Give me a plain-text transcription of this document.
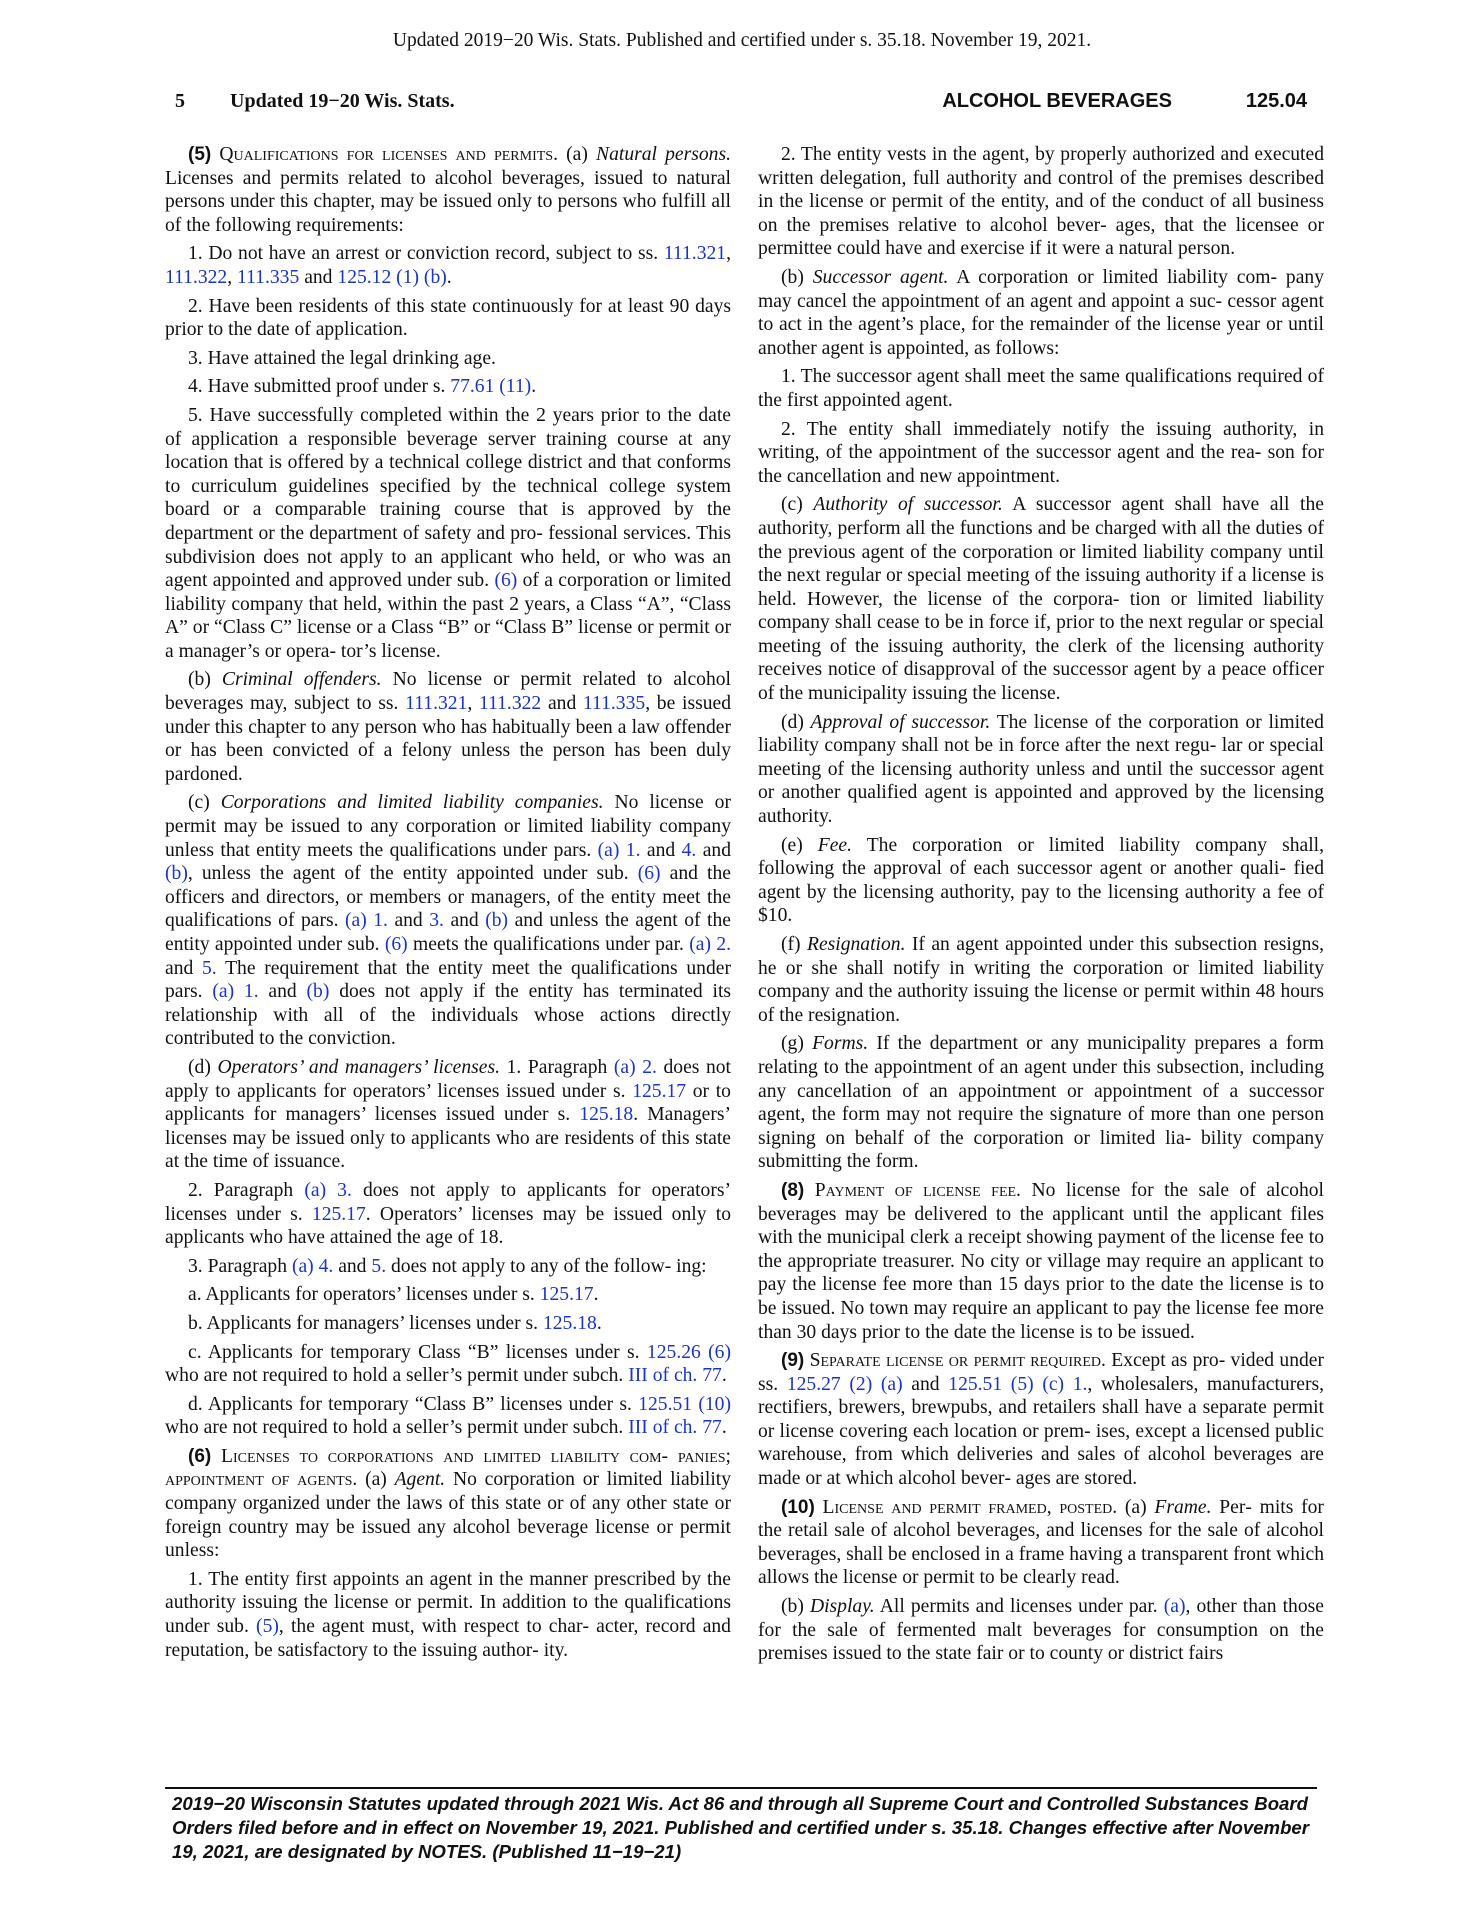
Updated 2019−20 Wis. Stats. Published and certified under s. 35.18. November 19, 2021.
5 Updated 19−20 Wis. Stats.	ALCOHOL BEVERAGES	125.04

(5) Qualifications for licenses and permits. (a) Natural persons. Licenses and permits related to alcohol beverages, issued to natural persons under this chapter, may be issued only to persons who fulfill all of the following requirements:

1. Do not have an arrest or conviction record, subject to ss. 111.321, 111.322, 111.335 and 125.12 (1) (b).

2. Have been residents of this state continuously for at least 90 days prior to the date of application.

3. Have attained the legal drinking age.

4. Have submitted proof under s. 77.61 (11).

5. Have successfully completed within the 2 years prior to the date of application a responsible beverage server training course at any location that is offered by a technical college district and that conforms to curriculum guidelines specified by the technical college system board or a comparable training course that is approved by the department or the department of safety and pro‑ fessional services. This subdivision does not apply to an applicant who held, or who was an agent appointed and approved under sub. (6) of a corporation or limited liability company that held, within the past 2 years, a Class “A”, “Class A” or “Class C” license or a Class “B” or “Class B” license or permit or a manager’s or opera‑ tor’s license.

(b) Criminal offenders. No license or permit related to alcohol beverages may, subject to ss. 111.321, 111.322 and 111.335, be issued under this chapter to any person who has habitually been a law offender or has been convicted of a felony unless the person has been duly pardoned.

(c) Corporations and limited liability companies. No license or permit may be issued to any corporation or limited liability company unless that entity meets the qualifications under pars. (a) 1. and 4. and (b), unless the agent of the entity appointed under sub. (6) and the officers and directors, or members or managers, of the entity meet the qualifications of pars. (a) 1. and 3. and (b) and unless the agent of the entity appointed under sub. (6) meets the qualifications under par. (a) 2. and 5. The requirement that the entity meet the qualifications under pars. (a) 1. and (b) does not apply if the entity has terminated its relationship with all of the individuals whose actions directly contributed to the conviction.

(d) Operators’ and managers’ licenses. 1. Paragraph (a) 2. does not apply to applicants for operators’ licenses issued under s. 125.17 or to applicants for managers’ licenses issued under s. 125.18. Managers’ licenses may be issued only to applicants who are residents of this state at the time of issuance.

2. Paragraph (a) 3. does not apply to applicants for operators’ licenses under s. 125.17. Operators’ licenses may be issued only to applicants who have attained the age of 18.

3. Paragraph (a) 4. and 5. does not apply to any of the follow‑ ing:

a. Applicants for operators’ licenses under s. 125.17.

b. Applicants for managers’ licenses under s. 125.18.

c. Applicants for temporary Class “B” licenses under s. 125.26 (6) who are not required to hold a seller’s permit under subch. III of ch. 77.

d. Applicants for temporary “Class B” licenses under s. 125.51 (10) who are not required to hold a seller’s permit under subch. III of ch. 77.

(6) Licenses to corporations and limited liability com‑ panies; appointment of agents. (a) Agent. No corporation or limited liability company organized under the laws of this state or of any other state or foreign country may be issued any alcohol beverage license or permit unless:

1. The entity first appoints an agent in the manner prescribed by the authority issuing the license or permit. In addition to the qualifications under sub. (5), the agent must, with respect to char‑ acter, record and reputation, be satisfactory to the issuing author‑ ity.

2. The entity vests in the agent, by properly authorized and executed written delegation, full authority and control of the premises described in the license or permit of the entity, and of the conduct of all business on the premises relative to alcohol bever‑ ages, that the licensee or permittee could have and exercise if it were a natural person.

(b) Successor agent. A corporation or limited liability com‑ pany may cancel the appointment of an agent and appoint a suc‑ cessor agent to act in the agent’s place, for the remainder of the license year or until another agent is appointed, as follows:

1. The successor agent shall meet the same qualifications required of the first appointed agent.

2. The entity shall immediately notify the issuing authority, in writing, of the appointment of the successor agent and the rea‑ son for the cancellation and new appointment.

(c) Authority of successor. A successor agent shall have all the authority, perform all the functions and be charged with all the duties of the previous agent of the corporation or limited liability company until the next regular or special meeting of the issuing authority if a license is held. However, the license of the corpora‑ tion or limited liability company shall cease to be in force if, prior to the next regular or special meeting of the issuing authority, the clerk of the licensing authority receives notice of disapproval of the successor agent by a peace officer of the municipality issuing the license.

(d) Approval of successor. The license of the corporation or limited liability company shall not be in force after the next regu‑ lar or special meeting of the licensing authority unless and until the successor agent or another qualified agent is appointed and approved by the licensing authority.

(e) Fee. The corporation or limited liability company shall, following the approval of each successor agent or another quali‑ fied agent by the licensing authority, pay to the licensing authority a fee of $10.

(f) Resignation. If an agent appointed under this subsection resigns, he or she shall notify in writing the corporation or limited liability company and the authority issuing the license or permit within 48 hours of the resignation.

(g) Forms. If the department or any municipality prepares a form relating to the appointment of an agent under this subsection, including any cancellation of an appointment or appointment of a successor agent, the form may not require the signature of more than one person signing on behalf of the corporation or limited lia‑ bility company submitting the form.

(8) Payment of license fee. No license for the sale of alcohol beverages may be delivered to the applicant until the applicant files with the municipal clerk a receipt showing payment of the license fee to the appropriate treasurer. No city or village may require an applicant to pay the license fee more than 15 days prior to the date the license is to be issued. No town may require an applicant to pay the license fee more than 30 days prior to the date the license is to be issued.

(9) Separate license or permit required. Except as pro‑ vided under ss. 125.27 (2) (a) and 125.51 (5) (c) 1., wholesalers, manufacturers, rectifiers, brewers, brewpubs, and retailers shall have a separate permit or license covering each location or prem‑ ises, except a licensed public warehouse, from which deliveries and sales of alcohol beverages are made or at which alcohol bever‑ ages are stored.

(10) License and permit framed, posted. (a) Frame. Per‑ mits for the retail sale of alcohol beverages, and licenses for the sale of alcohol beverages, shall be enclosed in a frame having a transparent front which allows the license or permit to be clearly read.

(b) Display. All permits and licenses under par. (a), other than those for the sale of fermented malt beverages for consumption on the premises issued to the state fair or to county or district fairs

2019−20 Wisconsin Statutes updated through 2021 Wis. Act 86 and through all Supreme Court and Controlled Substances Board Orders filed before and in effect on November 19, 2021. Published and certified under s. 35.18. Changes effective after November 19, 2021, are designated by NOTES. (Published 11−19−21)
